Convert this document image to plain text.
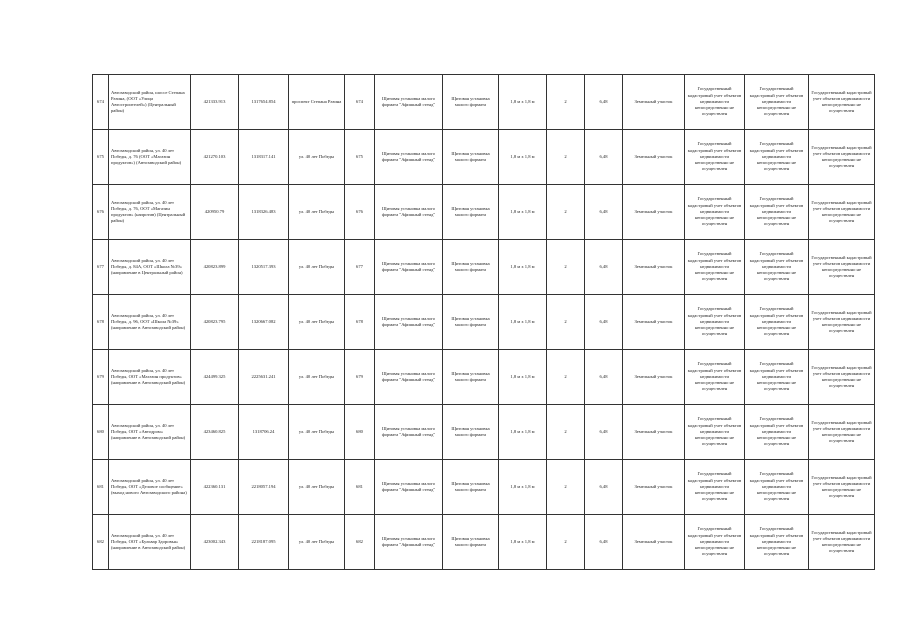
674	Автозаводский район, шоссе Степана Разина, (ООТ «Улица Автостроителей») (Центральный район)	421333.913	1317654.854	проспект Степана Разина	674	Щитовая установка малого формата "Афишный стенд"	Щитовая установка малого формата	1,8 м х 1,8 м	2	6,48	Земельный участок	Государственный кадастровый учет объектов недвижимости непосредственно не осуществлен	Государственный кадастровый учет объектов недвижимости непосредственно не осуществлен	Государственный кадастровый учет объектов недвижимости непосредственно не осуществлен
675	Автозаводский район, ул. 40 лет Победы, д. 76 (ООТ «Магазин продуктов») (Автозаводский район)	421270.103	1318317.141	ул. 40 лет Победы	675	Щитовая установка малого формата "Афишный стенд"	Щитовая установка малого формата	1,8 м х 1,8 м	2	6,48	Земельный участок	Государственный кадастровый учет объектов недвижимости непосредственно не осуществлен	Государственный кадастровый учет объектов недвижимости непосредственно не осуществлен	Государственный кадастровый учет объектов недвижимости непосредственно не осуществлен
676	Автозаводский район, ул. 40 лет Победы, д. 76, ООТ «Магазин продуктов» (напротив) (Центральный район)	420950.79	1318326.483	ул. 40 лет Победы	676	Щитовая установка малого формата "Афишный стенд"	Щитовая установка малого формата	1,8 м х 1,8 м	2	6,48	Земельный участок	Государственный кадастровый учет объектов недвижимости непосредственно не осуществлен	Государственный кадастровый учет объектов недвижимости непосредственно не осуществлен	Государственный кадастровый учет объектов недвижимости непосредственно не осуществлен
677	Автозаводский район, ул. 40 лет Победы, д. 84А, ООТ «Школа №39» (направление в Центральный район)	420823.899	1320517.393	ул. 40 лет Победы	677	Щитовая установка малого формата "Афишный стенд"	Щитовая установка малого формата	1,8 м х 1,8 м	2	6,48	Земельный участок	Государственный кадастровый учет объектов недвижимости непосредственно не осуществлен	Государственный кадастровый учет объектов недвижимости непосредственно не осуществлен	Государственный кадастровый учет объектов недвижимости непосредственно не осуществлен
678	Автозаводский район, ул. 40 лет Победы, д. 96, ООТ «Школа №39» (направление в Автозаводский район)	420823.795	1320667.082	ул. 40 лет Победы	678	Щитовая установка малого формата "Афишный стенд"	Щитовая установка малого формата	1,8 м х 1,8 м	2	6,48	Земельный участок	Государственный кадастровый учет объектов недвижимости непосредственно не осуществлен	Государственный кадастровый учет объектов недвижимости непосредственно не осуществлен	Государственный кадастровый учет объектов недвижимости непосредственно не осуществлен
679	Автозаводский район, ул. 40 лет Победы, ООТ «Магазин продуктов» (направление в Автозаводский район)	424499.325	2225631.241	ул. 40 лет Победы	679	Щитовая установка малого формата "Афишный стенд"	Щитовая установка малого формата	1,8 м х 1,8 м	2	6,48	Земельный участок	Государственный кадастровый учет объектов недвижимости непосредственно не осуществлен	Государственный кадастровый учет объектов недвижимости непосредственно не осуществлен	Государственный кадастровый учет объектов недвижимости непосредственно не осуществлен
680	Автозаводский район, ул. 40 лет Победы, ООТ «Автодром» (направление в Автозаводский район)	423460.825	1318706.24	ул. 40 лет Победы	680	Щитовая установка малого формата "Афишный стенд"	Щитовая установка малого формата	1,8 м х 1,8 м	2	6,48	Земельный участок	Государственный кадастровый учет объектов недвижимости непосредственно не осуществлен	Государственный кадастровый учет объектов недвижимости непосредственно не осуществлен	Государственный кадастровый учет объектов недвижимости непосредственно не осуществлен
681	Автозаводский район, ул. 40 лет Победы, ООТ «Деловое сообщение» (выход нового Автозаводского района)	422360.131	2218057.194	ул. 40 лет Победы	681	Щитовая установка малого формата "Афишный стенд"	Щитовая установка малого формата	1,8 м х 1,8 м	2	6,48	Земельный участок	Государственный кадастровый учет объектов недвижимости непосредственно не осуществлен	Государственный кадастровый учет объектов недвижимости непосредственно не осуществлен	Государственный кадастровый учет объектов недвижимости непосредственно не осуществлен
682	Автозаводский район, ул. 40 лет Победы, ООТ «Бульвар Здоровья» (направление в Автозаводский район)	423002.343	2218187.095	ул. 40 лет Победы	682	Щитовая установка малого формата "Афишный стенд"	Щитовая установка малого формата	1,8 м х 1,8 м	2	6,48	Земельный участок	Государственный кадастровый учет объектов недвижимости непосредственно не осуществлен	Государственный кадастровый учет объектов недвижимости непосредственно не осуществлен	Государственный кадастровый учет объектов недвижимости непосредственно не осуществлен
